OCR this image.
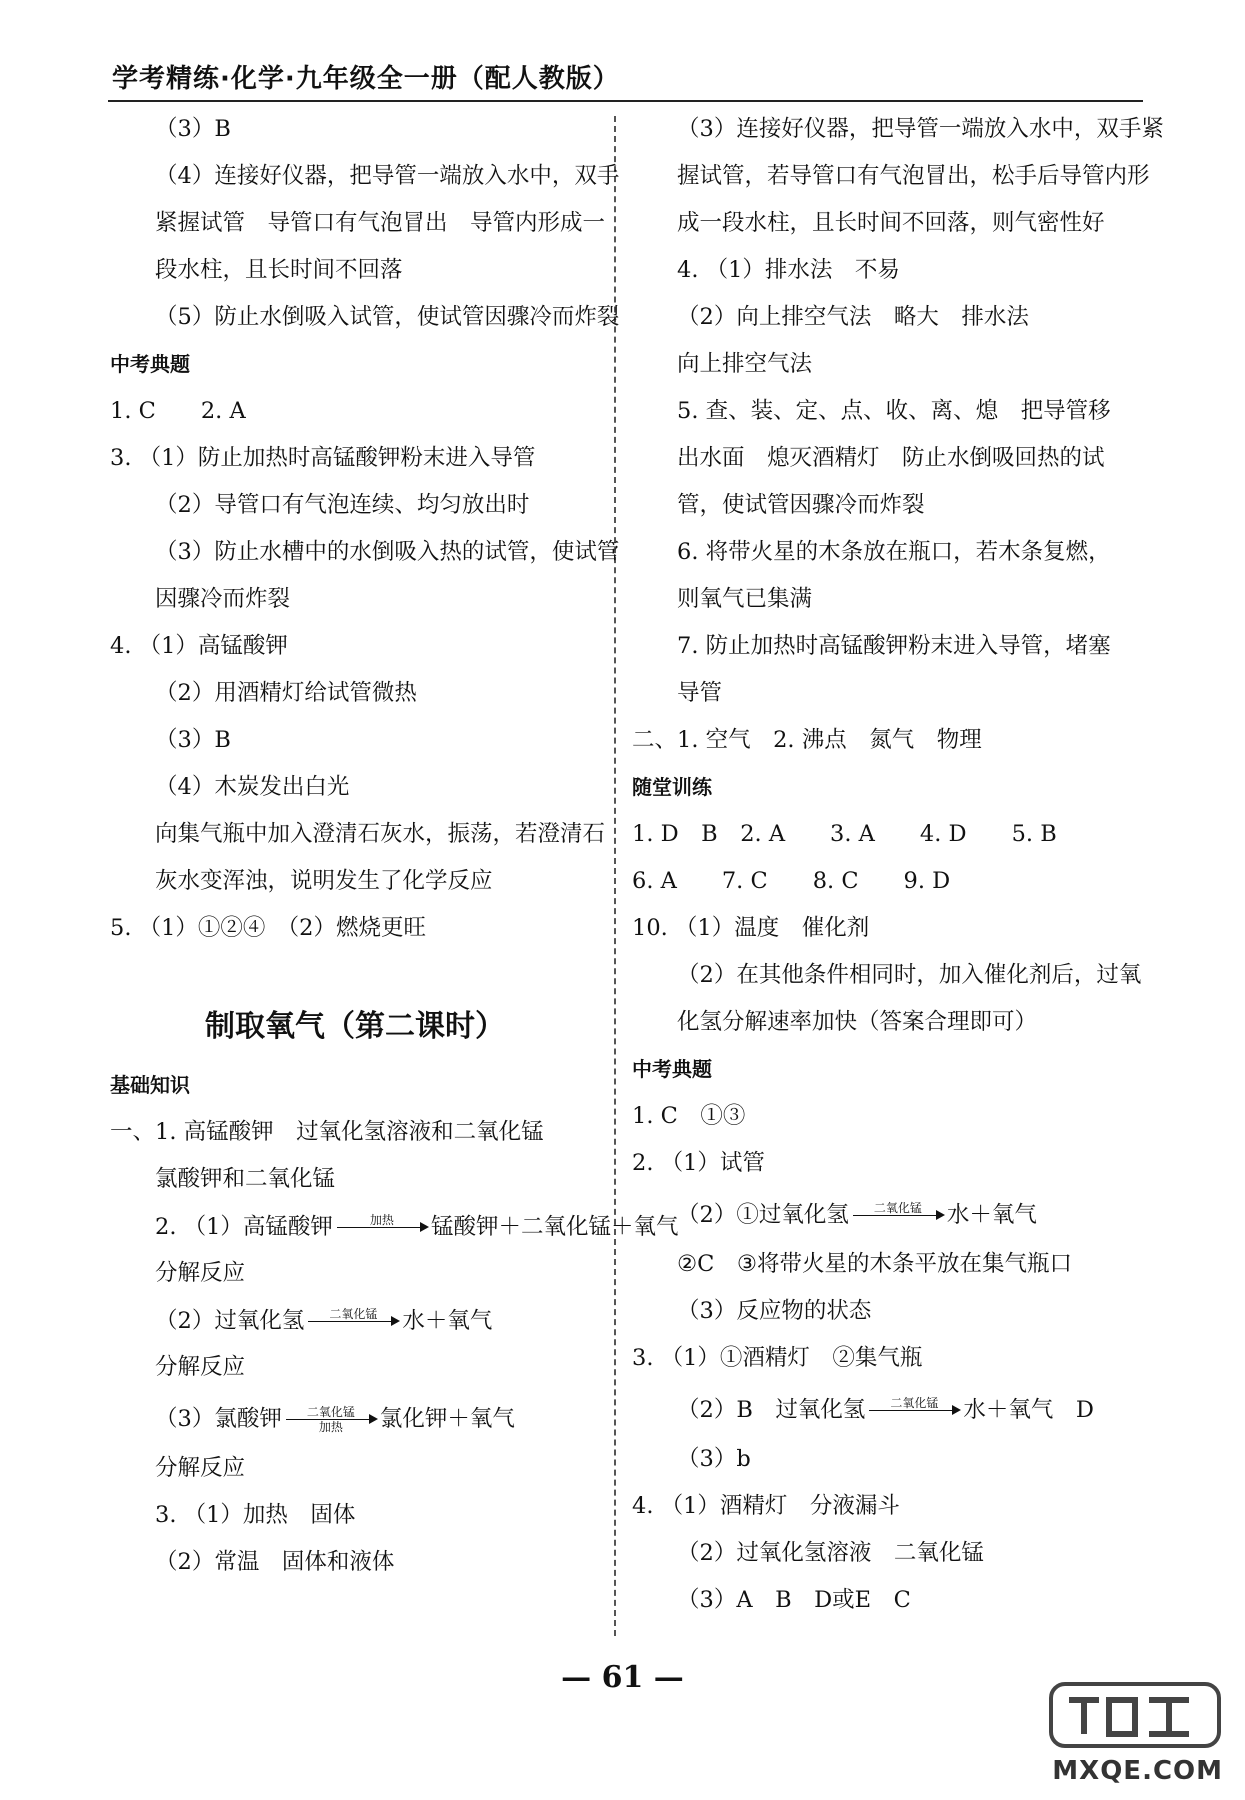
学考精练·化学·九年级全一册（配人教版）
（3）B
（4）连接好仪器，把导管一端放入水中，双手
紧握试管　导管口有气泡冒出　导管内形成一
段水柱，且长时间不回落
（5）防止水倒吸入试管，使试管因骤冷而炸裂
中考典题
1. C　　2. A
3. （1）防止加热时高锰酸钾粉末进入导管
（2）导管口有气泡连续、均匀放出时
（3）防止水槽中的水倒吸入热的试管，使试管
因骤冷而炸裂
4. （1）高锰酸钾
（2）用酒精灯给试管微热
（3）B
（4）木炭发出白光
向集气瓶中加入澄清石灰水，振荡，若澄清石
灰水变浑浊，说明发生了化学反应
5. （1）①②④　（2）燃烧更旺
制取氧气（第二课时）
基础知识
一、1. 高锰酸钾　过氧化氢溶液和二氧化锰
氯酸钾和二氧化锰
2. （1）高锰酸钾	加热 锰酸钾＋二氧化锰＋氧气
分解反应
（2）过氧化氢 二氧化锰 水＋氧气
分解反应
（3）氯酸钾 二氧化锰
加热 氯化钾＋氧气
分解反应
3. （1）加热　固体
（2）常温　固体和液体
（3）连接好仪器，把导管一端放入水中，双手紧
握试管，若导管口有气泡冒出，松手后导管内形
成一段水柱，且长时间不回落，则气密性好
4. （1）排水法　不易
（2）向上排空气法　略大　排水法
向上排空气法
5. 查、装、定、点、收、离、熄　把导管移
出水面　熄灭酒精灯　防止水倒吸回热的试
管，使试管因骤冷而炸裂
6. 将带火星的木条放在瓶口，若木条复燃，
则氧气已集满
7. 防止加热时高锰酸钾粉末进入导管，堵塞
导管
二、1. 空气　2. 沸点　氮气　物理
随堂训练
1. D　B　2. A　　3. A　　4. D　　5. B
6. A　　7. C　　8. C　　9. D
10. （1）温度　催化剂
（2）在其他条件相同时，加入催化剂后，过氧
化氢分解速率加快（答案合理即可）
中考典题
1. C　①③
2. （1）试管
（2）①过氧化氢 二氧化锰 水＋氧气
②C　③将带火星的木条平放在集气瓶口
（3）反应物的状态
3. （1）①酒精灯　②集气瓶
（2）B　过氧化氢 二氧化锰 水＋氧气　D
（3）b
4. （1）酒精灯　分液漏斗
（2）过氧化氢溶液　二氧化锰
（3）A　B　D或E　C
— 61 —
MXQE.COM
